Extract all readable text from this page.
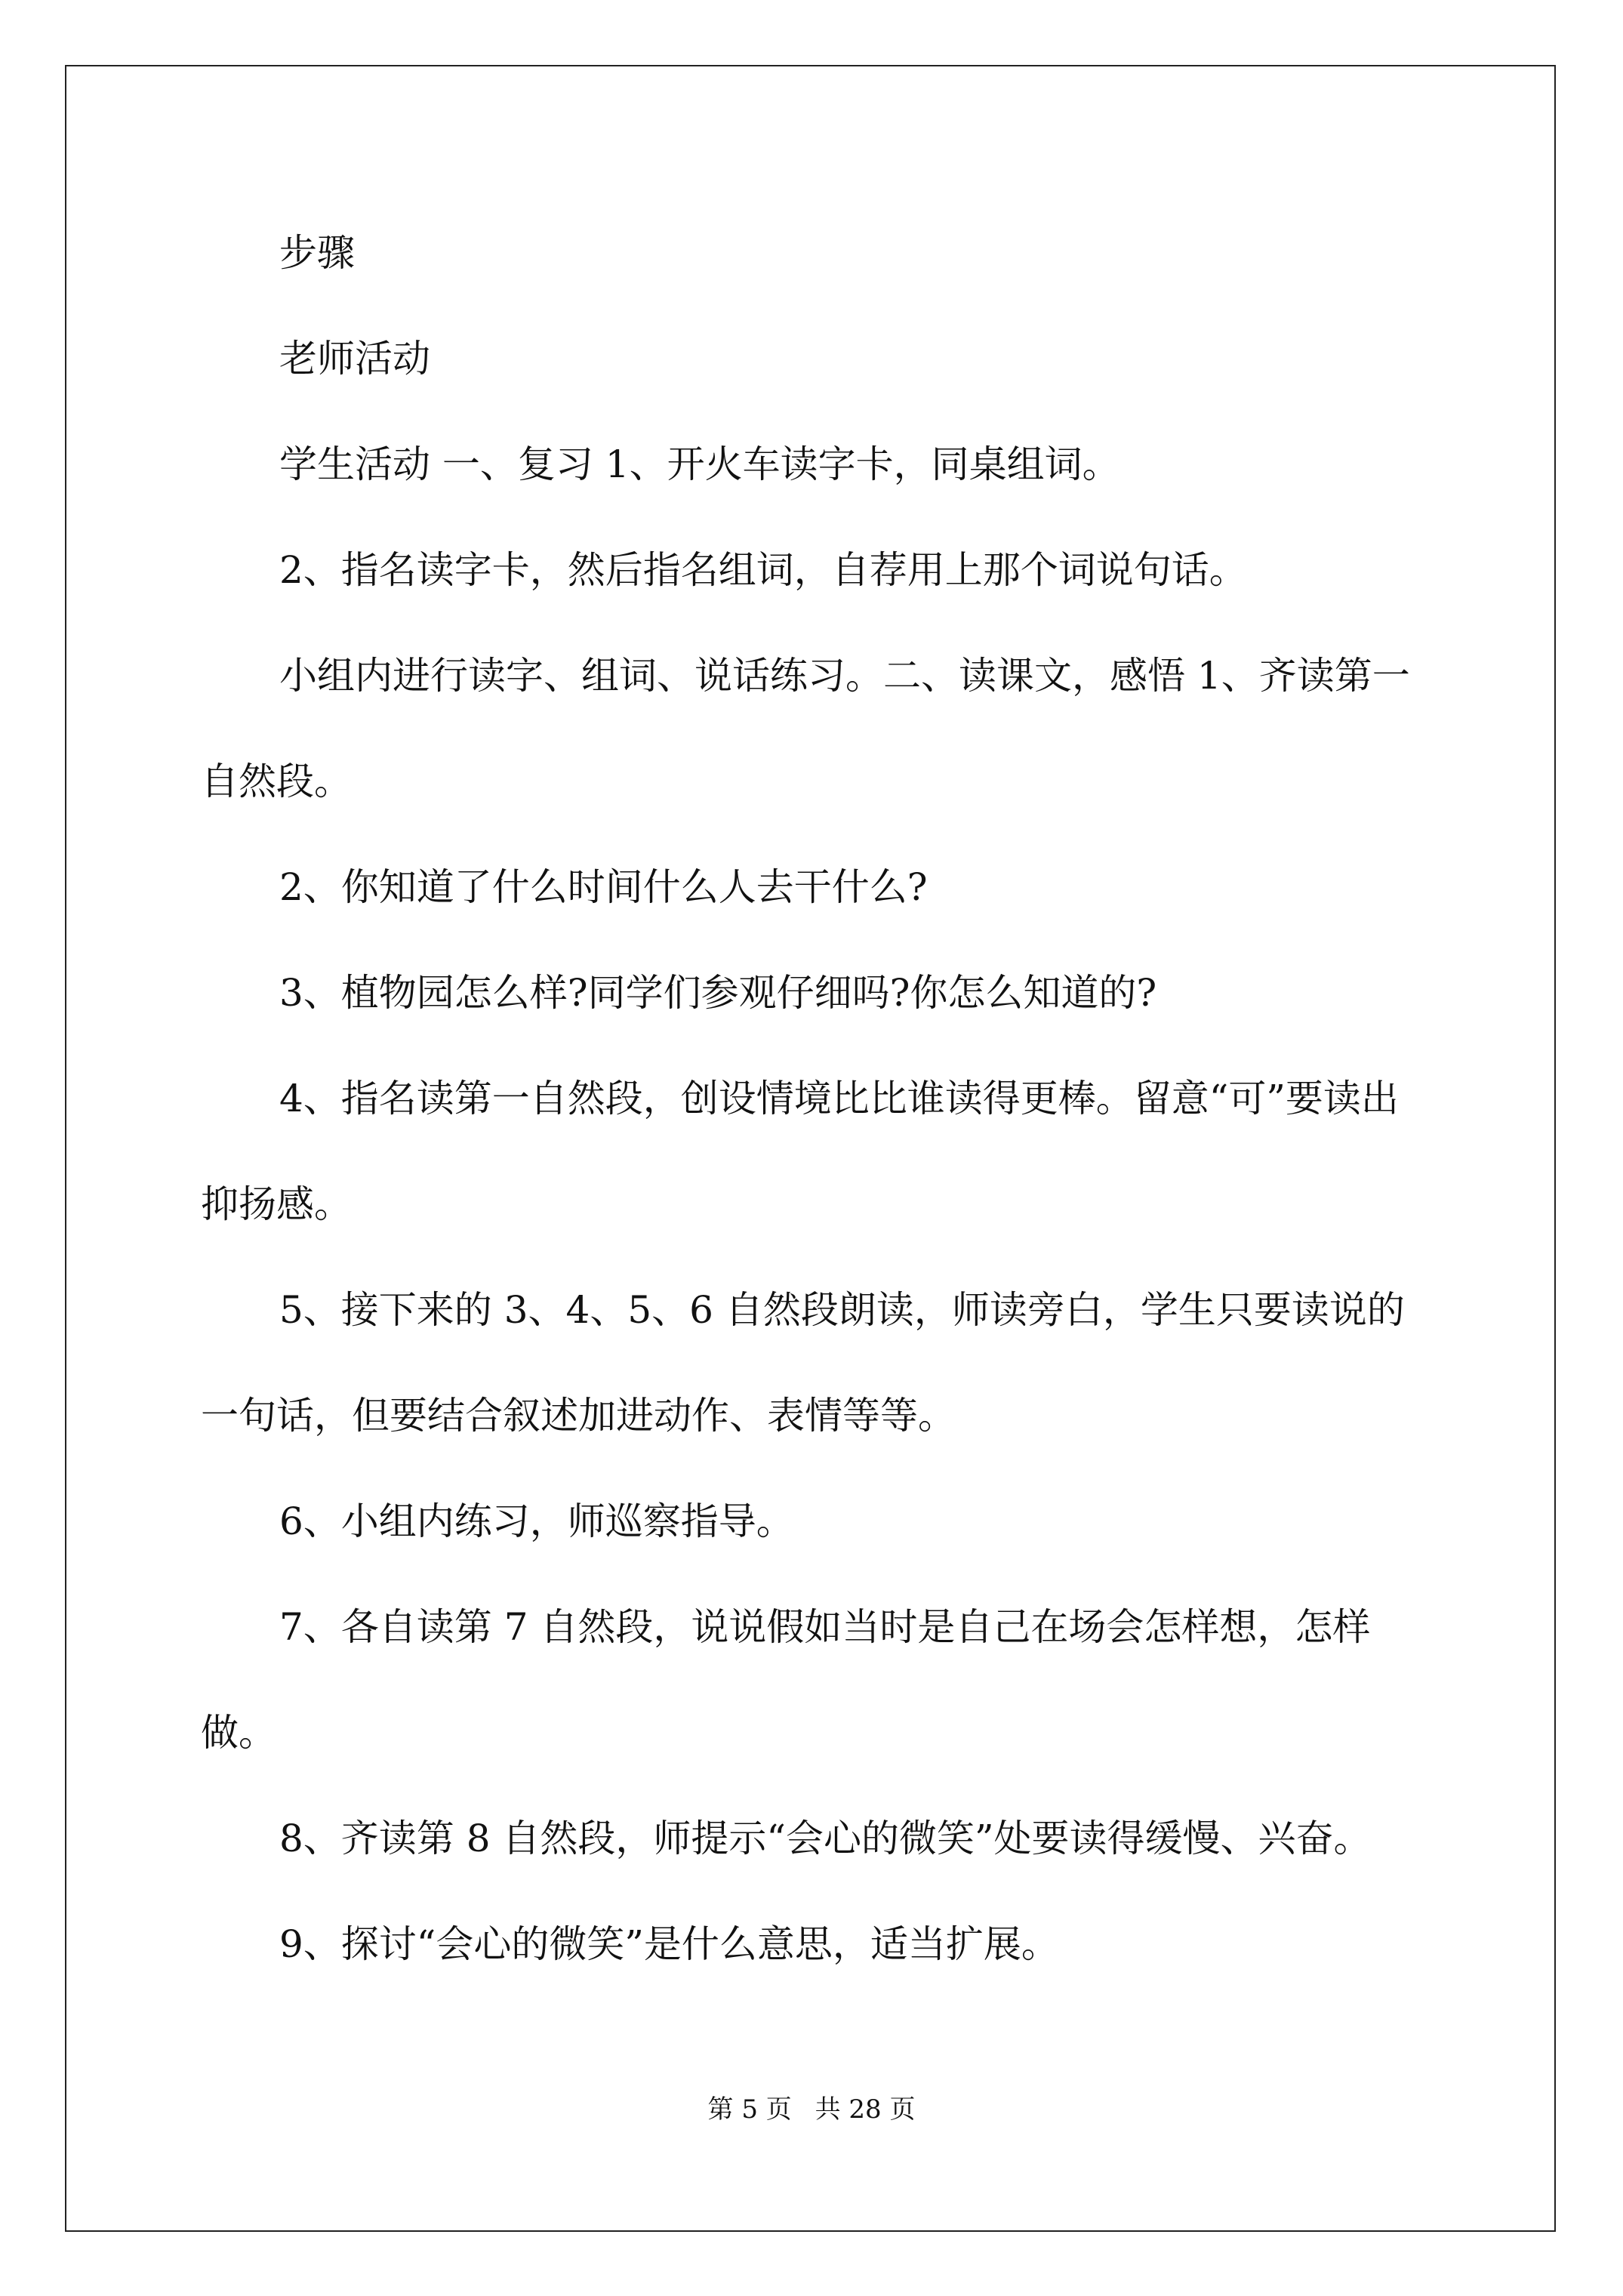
步骤
老师活动
学生活动 一、复习 1、开火车读字卡，同桌组词。
2、指名读字卡，然后指名组词，自荐用上那个词说句话。
小组内进行读字、组词、说话练习。二、读课文，感悟 1、齐读第一自然段。
2、你知道了什么时间什么人去干什么?
3、植物园怎么样?同学们参观仔细吗?你怎么知道的?
4、指名读第一自然段，创设情境比比谁读得更棒。留意“可”要读出抑扬感。
5、接下来的 3、4、5、6 自然段朗读，师读旁白，学生只要读说的一句话，但要结合叙述加进动作、表情等等。
6、小组内练习，师巡察指导。
7、各自读第 7 自然段，说说假如当时是自己在场会怎样想，怎样做。
8、齐读第 8 自然段，师提示“会心的微笑”处要读得缓慢、兴奋。
9、探讨“会心的微笑”是什么意思，适当扩展。
第 5 页 共 28 页
